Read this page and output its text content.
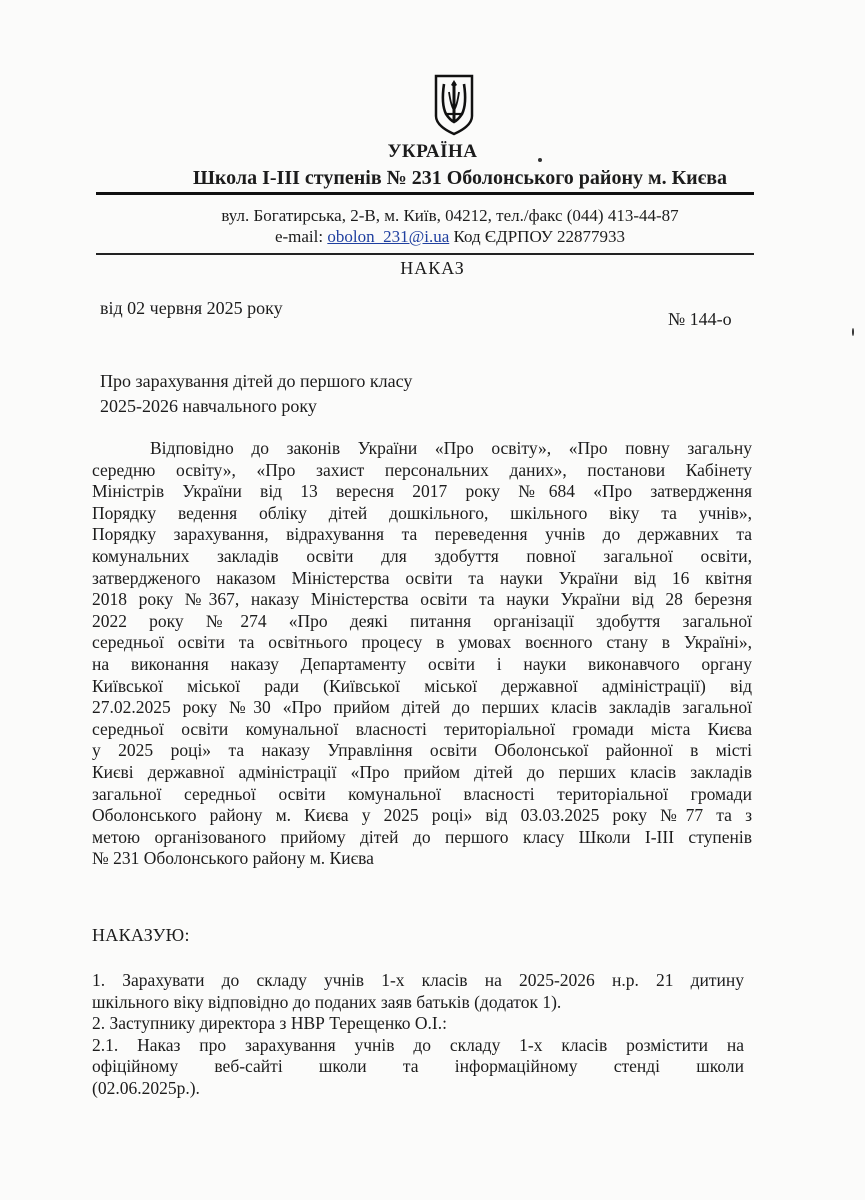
УКРАЇНА
Школа І-ІІІ ступенів № 231 Оболонського району м. Києва
вул. Богатирська, 2-В, м. Київ, 04212, тел./факс (044) 413-44-87
e-mail: obolon_231@i.ua Код ЄДРПОУ 22877933
НАКАЗ
від 02 червня 2025 року
№ 144-о
Про зарахування дітей до першого класу
2025-2026 навчального року
Відповідно до законів України «Про освіту», «Про повну загальну
середню освіту», «Про захист персональних даних», постанови Кабінету
Міністрів України від 13 вересня 2017 року №684 «Про затвердження
Порядку ведення обліку дітей дошкільного, шкільного віку та учнів»,
Порядку зарахування, відрахування та переведення учнів до державних та
комунальних закладів освіти для здобуття повної загальної освіти,
затвердженого наказом Міністерства освіти та науки України від 16 квітня
2018 року №367, наказу Міністерства освіти та науки України від 28 березня
2022 року №274 «Про деякі питання організації здобуття загальної
середньої освіти та освітнього процесу в умовах воєнного стану в Україні»,
на виконання наказу Департаменту освіти і науки виконавчого органу
Київської міської ради (Київської міської державної адміністрації) від
27.02.2025 року №30 «Про прийом дітей до перших класів закладів загальної
середньої освіти комунальної власності територіальної громади міста Києва
у 2025 році» та наказу Управління освіти Оболонської районної в місті
Києві державної адміністрації «Про прийом дітей до перших класів закладів
загальної середньої освіти комунальної власності територіальної громади
Оболонського району м. Києва у 2025 році» від 03.03.2025 року №77 та з
метою організованого прийому дітей до першого класу Школи І-ІІІ ступенів
№ 231 Оболонського району м. Києва
НАКАЗУЮ:
1. Зарахувати до складу учнів 1-х класів на 2025-2026 н.р. 21 дитину
шкільного віку відповідно до поданих заяв батьків (додаток 1).
2. Заступнику директора з НВР Терещенко О.І.:
2.1. Наказ про зарахування учнів до складу 1-х класів розмістити на
офіційному веб-сайті школи та інформаційному стенді школи
(02.06.2025р.).
